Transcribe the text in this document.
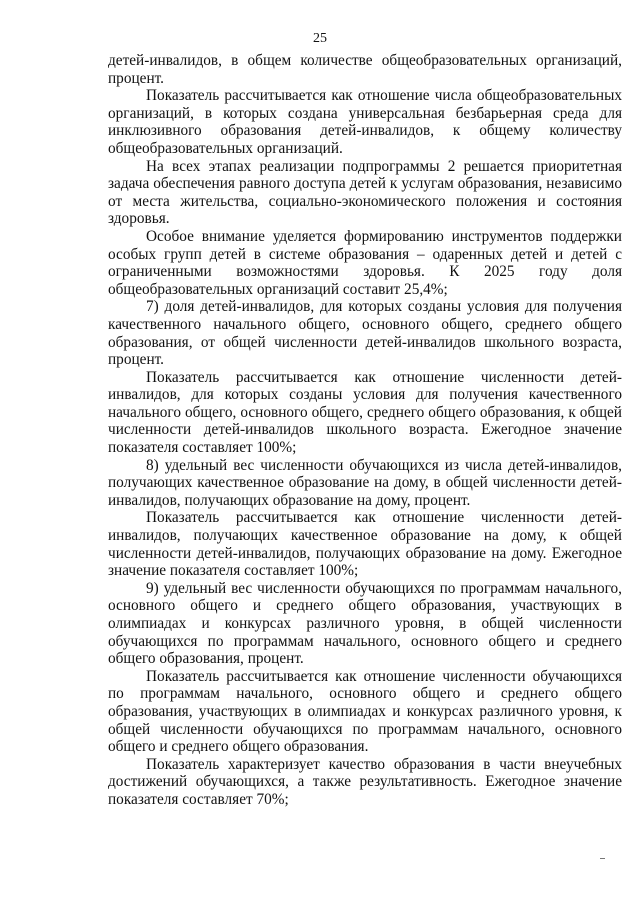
25

детей-инвалидов, в общем количестве общеобразовательных организаций, процент.

Показатель рассчитывается как отношение числа общеобразовательных организаций, в которых создана универсальная безбарьерная среда для инклюзивного образования детей-инвалидов, к общему количеству общеобразовательных организаций.

На всех этапах реализации подпрограммы 2 решается приоритетная задача обеспечения равного доступа детей к услугам образования, независимо от места жительства, социально-экономического положения и состояния здоровья.

Особое внимание уделяется формированию инструментов поддержки особых групп детей в системе образования – одаренных детей и детей с ограниченными возможностями здоровья. К 2025 году доля общеобразовательных организаций составит 25,4%;

7) доля детей-инвалидов, для которых созданы условия для получения качественного начального общего, основного общего, среднего общего образования, от общей численности детей-инвалидов школьного возраста, процент.

Показатель рассчитывается как отношение численности детей-инвалидов, для которых созданы условия для получения качественного начального общего, основного общего, среднего общего образования, к общей численности детей-инвалидов школьного возраста. Ежегодное значение показателя составляет 100%;

8) удельный вес численности обучающихся из числа детей-инвалидов, получающих качественное образование на дому, в общей численности детей-инвалидов, получающих образование на дому, процент.

Показатель рассчитывается как отношение численности детей-инвалидов, получающих качественное образование на дому, к общей численности детей-инвалидов, получающих образование на дому. Ежегодное значение показателя составляет 100%;

9) удельный вес численности обучающихся по программам начального, основного общего и среднего общего образования, участвующих в олимпиадах и конкурсах различного уровня, в общей численности обучающихся по программам начального, основного общего и среднего общего образования, процент.

Показатель рассчитывается как отношение численности обучающихся по программам начального, основного общего и среднего общего образования, участвующих в олимпиадах и конкурсах различного уровня, к общей численности обучающихся по программам начального, основного общего и среднего общего образования.

Показатель характеризует качество образования в части внеучебных достижений обучающихся, а также результативность. Ежегодное значение показателя составляет 70%;
